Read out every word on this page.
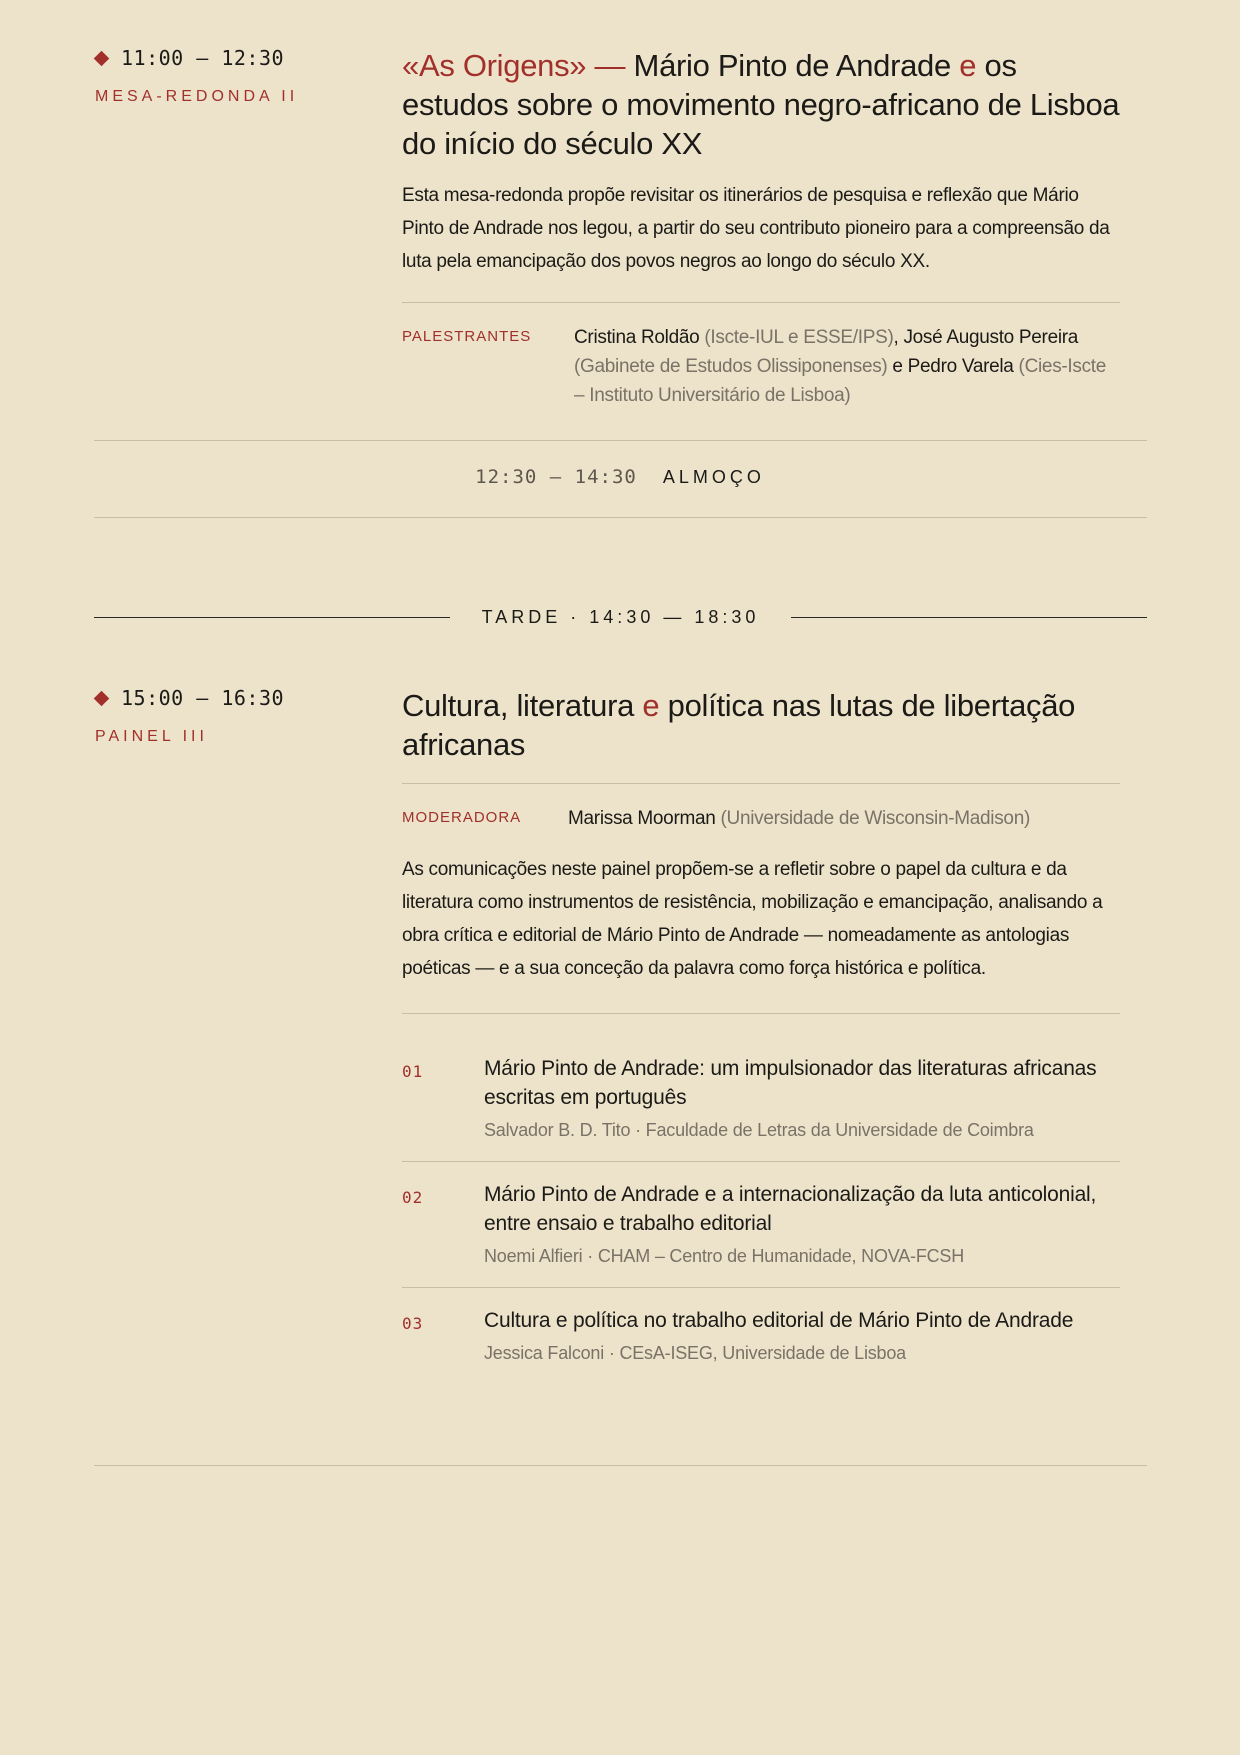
11:00 — 12:30
MESA-REDONDA II
«As Origens» — Mário Pinto de Andrade e os estudos sobre o movimento negro-africano de Lisboa do início do século XX
Esta mesa-redonda propõe revisitar os itinerários de pesquisa e reflexão que Mário Pinto de Andrade nos legou, a partir do seu contributo pioneiro para a compreensão da luta pela emancipação dos povos negros ao longo do século XX.
PALESTRANTES	Cristina Roldão (Iscte-IUL e ESSE/IPS), José Augusto Pereira (Gabinete de Estudos Olissiponenses) e Pedro Varela (Cies-Iscte – Instituto Universitário de Lisboa)
12:30 — 14:30 ALMOÇO
TARDE · 14:30 — 18:30
15:00 — 16:30
PAINEL III
Cultura, literatura e política nas lutas de libertação africanas
MODERADORA	Marissa Moorman (Universidade de Wisconsin-Madison)
As comunicações neste painel propõem-se a refletir sobre o papel da cultura e da literatura como instrumentos de resistência, mobilização e emancipação, analisando a obra crítica e editorial de Mário Pinto de Andrade — nomeadamente as antologias poéticas — e a sua conceção da palavra como força histórica e política.
01	Mário Pinto de Andrade: um impulsionador das literaturas africanas escritas em português
Salvador B. D. Tito · Faculdade de Letras da Universidade de Coimbra
02	Mário Pinto de Andrade e a internacionalização da luta anticolonial, entre ensaio e trabalho editorial
Noemi Alfieri · CHAM – Centro de Humanidade, NOVA-FCSH
03	Cultura e política no trabalho editorial de Mário Pinto de Andrade
Jessica Falconi · CEsA-ISEG, Universidade de Lisboa
